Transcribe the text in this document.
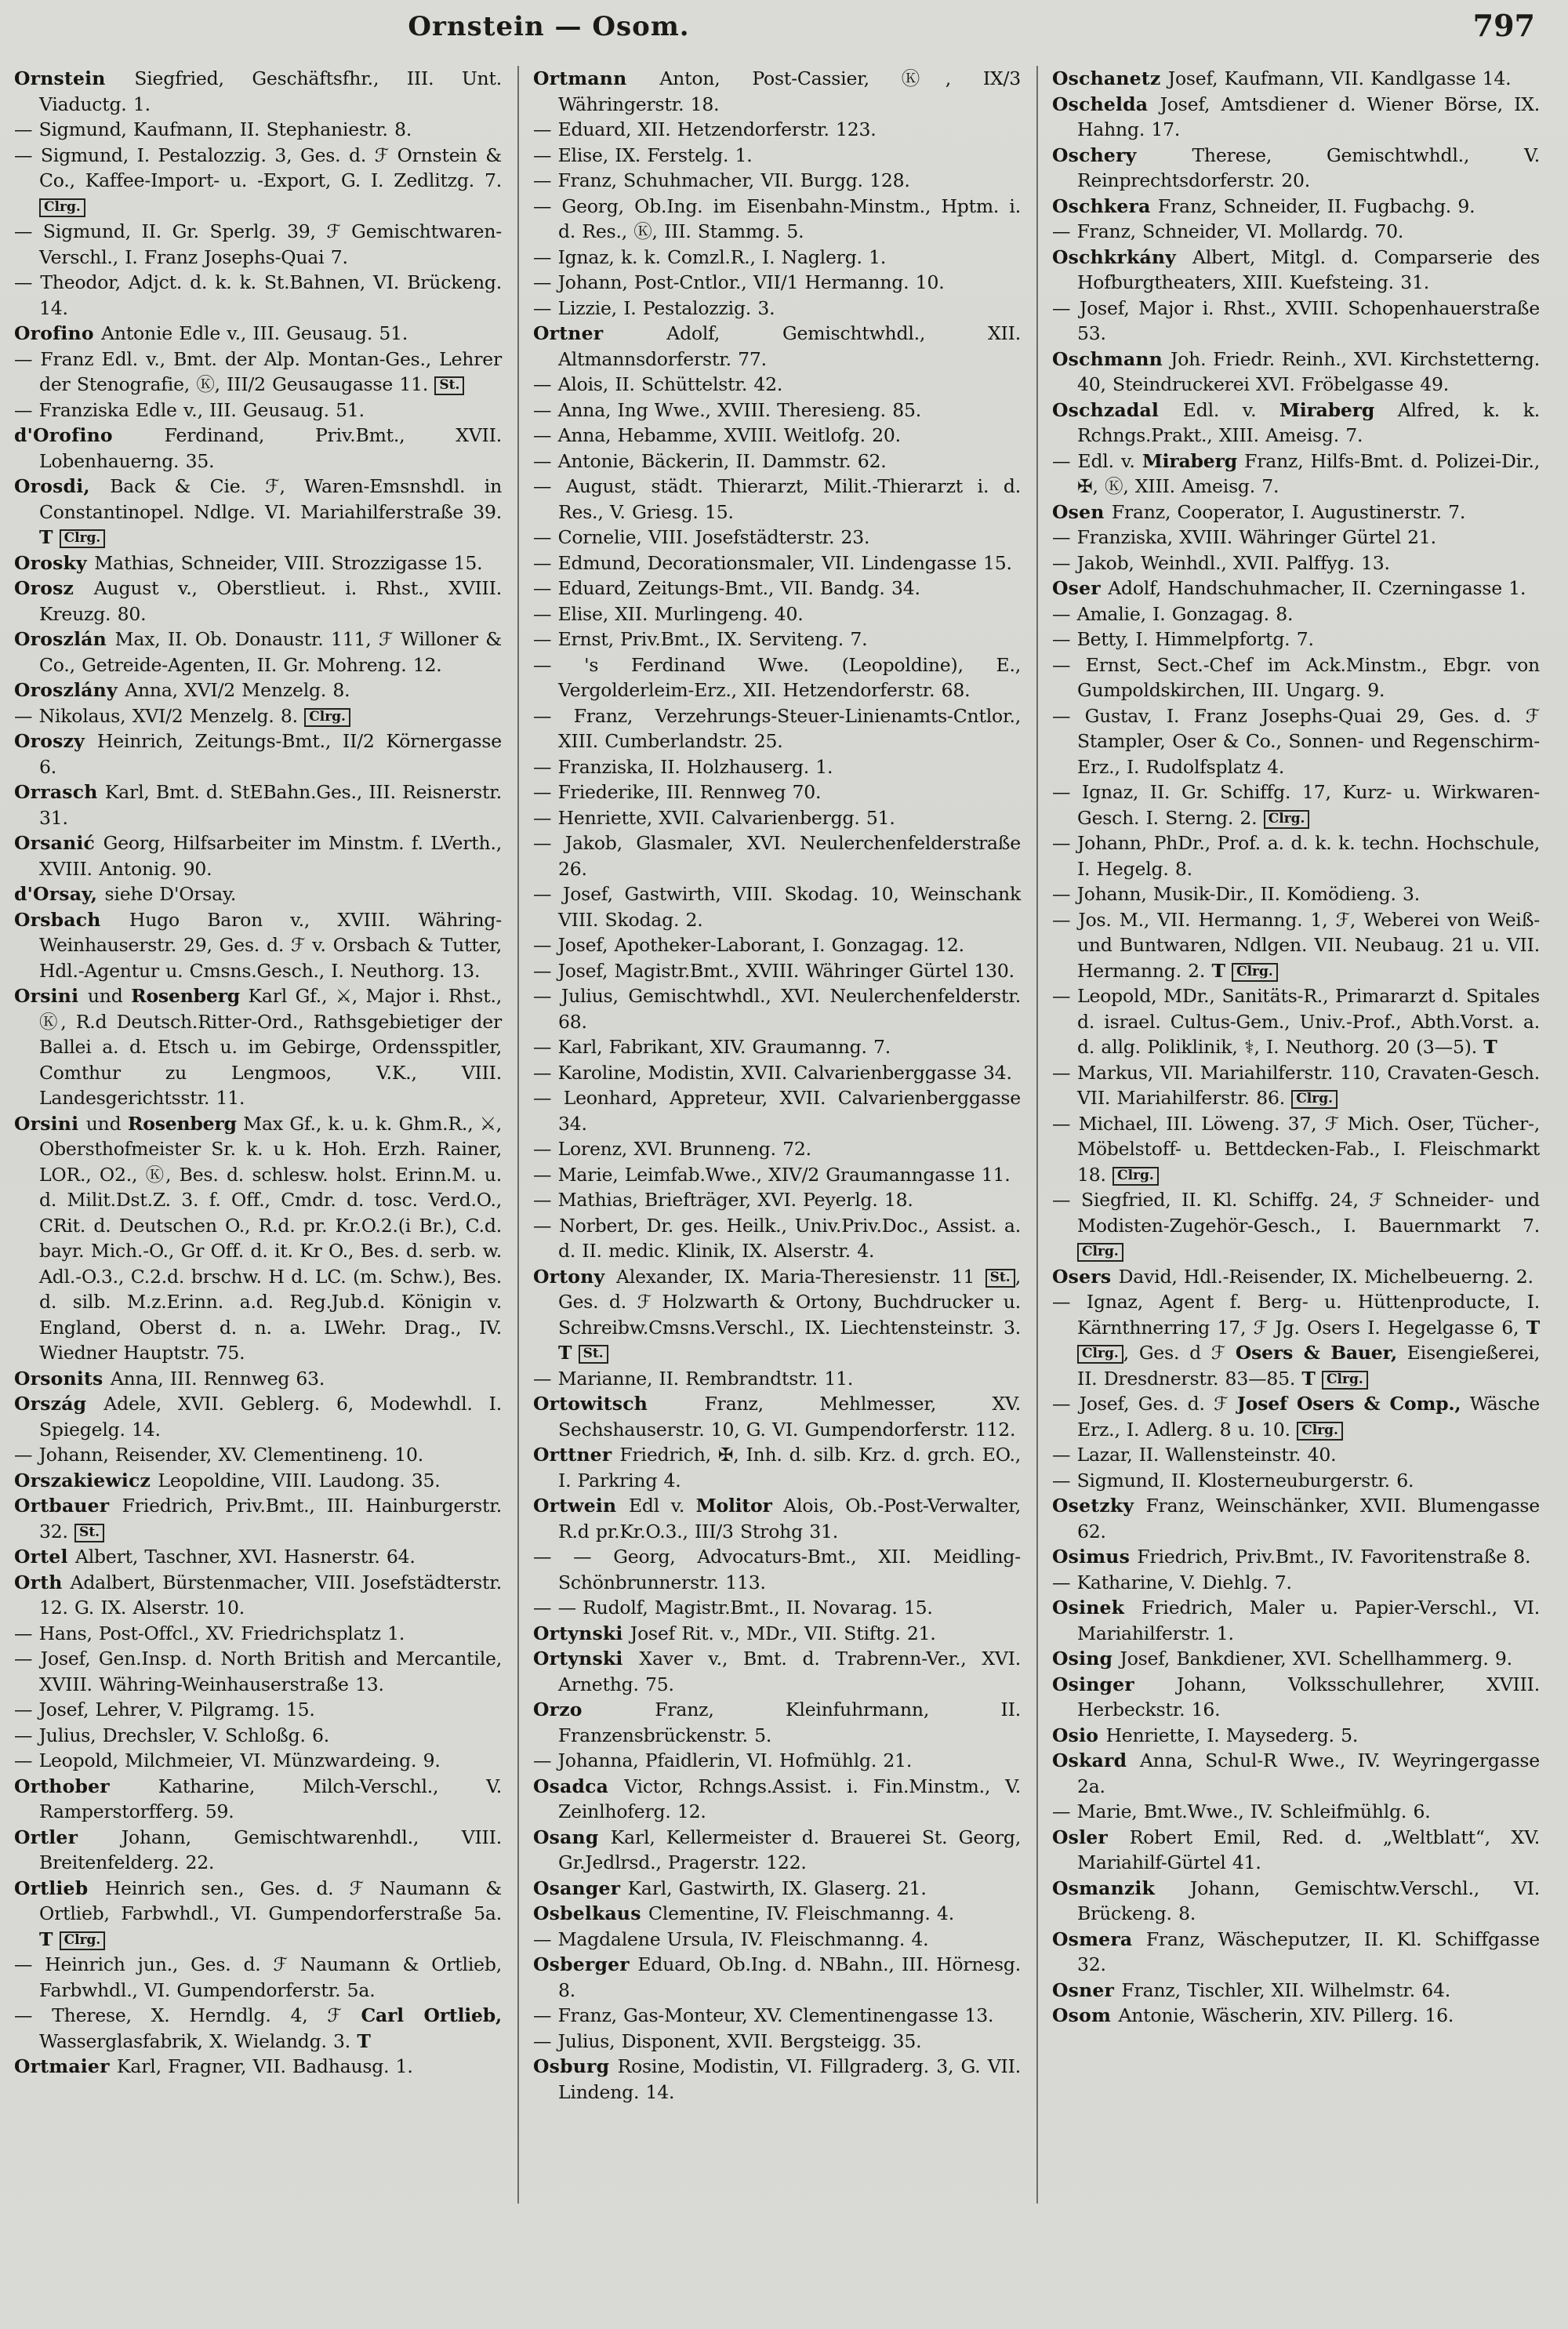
Ornstein — Osom.	797
Ornstein Siegfried, Geschäftsfhr., III. Unt. Viaductg. 1.
— Sigmund, Kaufmann, II. Stephaniestr. 8.
— Sigmund, I. Pestalozzig. 3, Ges. d. ℱ Ornstein & Co., Kaffee-Import- u. -Export, G. I. Zedlitzg. 7. Clrg.
— Sigmund, II. Gr. Sperlg. 39, ℱ Gemischtwaren-Verschl., I. Franz Josephs-Quai 7.
— Theodor, Adjct. d. k. k. St.Bahnen, VI. Brückeng. 14.
Orofino Antonie Edle v., III. Geusaug. 51.
— Franz Edl. v., Bmt. der Alp. Montan-Ges., Lehrer der Stenografie, Ⓚ, III/2 Geusaugasse 11. St.
— Franziska Edle v., III. Geusaug. 51.
d'Orofino Ferdinand, Priv.Bmt., XVII. Lobenhauerng. 35.
Orosdi, Back & Cie. ℱ, Waren-Emsnshdl. in Constantinopel. Ndlge. VI. Mariahilferstraße 39. T Clrg.
Orosky Mathias, Schneider, VIII. Strozzigasse 15.
Orosz August v., Oberstlieut. i. Rhst., XVIII. Kreuzg. 80.
Oroszlán Max, II. Ob. Donaustr. 111, ℱ Willoner & Co., Getreide-Agenten, II. Gr. Mohreng. 12.
Oroszlány Anna, XVI/2 Menzelg. 8.
— Nikolaus, XVI/2 Menzelg. 8. Clrg.
Oroszy Heinrich, Zeitungs-Bmt., II/2 Körnergasse 6.
Orrasch Karl, Bmt. d. StEBahn.Ges., III. Reisnerstr. 31.
Orsanić Georg, Hilfsarbeiter im Minstm. f. LVerth., XVIII. Antonig. 90.
d'Orsay, siehe D'Orsay.
Orsbach Hugo Baron v., XVIII. Währing-Weinhauserstr. 29, Ges. d. ℱ v. Orsbach & Tutter, Hdl.-Agentur u. Cmsns.Gesch., I. Neuthorg. 13.
Orsini und Rosenberg Karl Gf., ⚔, Major i. Rhst., Ⓚ, R.d Deutsch.Ritter-Ord., Rathsgebietiger der Ballei a. d. Etsch u. im Gebirge, Ordensspitler, Comthur zu Lengmoos, V.K., VIII. Landesgerichtsstr. 11.
Orsini und Rosenberg Max Gf., k. u. k. Ghm.R., ⚔, Obersthofmeister Sr. k. u k. Hoh. Erzh. Rainer, LOR., O2., Ⓚ, Bes. d. schlesw. holst. Erinn.M. u. d. Milit.Dst.Z. 3. f. Off., Cmdr. d. tosc. Verd.O., CRit. d. Deutschen O., R.d. pr. Kr.O.2.(i Br.), C.d. bayr. Mich.-O., Gr Off. d. it. Kr O., Bes. d. serb. w. Adl.-O.3., C.2.d. brschw. H d. LC. (m. Schw.), Bes. d. silb. M.z.Erinn. a.d. Reg.Jub.d. Königin v. England, Oberst d. n. a. LWehr. Drag., IV. Wiedner Hauptstr. 75.
Orsonits Anna, III. Rennweg 63.
Ország Adele, XVII. Geblerg. 6, Modewhdl. I. Spiegelg. 14.
— Johann, Reisender, XV. Clementineng. 10.
Orszakiewicz Leopoldine, VIII. Laudong. 35.
Ortbauer Friedrich, Priv.Bmt., III. Hainburgerstr. 32. St.
Ortel Albert, Taschner, XVI. Hasnerstr. 64.
Orth Adalbert, Bürstenmacher, VIII. Josefstädterstr. 12. G. IX. Alserstr. 10.
— Hans, Post-Offcl., XV. Friedrichsplatz 1.
— Josef, Gen.Insp. d. North British and Mercantile, XVIII. Währing-Weinhauserstraße 13.
— Josef, Lehrer, V. Pilgramg. 15.
— Julius, Drechsler, V. Schloßg. 6.
— Leopold, Milchmeier, VI. Münzwardeing. 9.
Orthober Katharine, Milch-Verschl., V. Ramperstorfferg. 59.
Ortler Johann, Gemischtwarenhdl., VIII. Breitenfelderg. 22.
Ortlieb Heinrich sen., Ges. d. ℱ Naumann & Ortlieb, Farbwhdl., VI. Gumpendorferstraße 5a. T Clrg.
— Heinrich jun., Ges. d. ℱ Naumann & Ortlieb, Farbwhdl., VI. Gumpendorferstr. 5a.
— Therese, X. Herndlg. 4, ℱ Carl Ortlieb, Wasserglasfabrik, X. Wielandg. 3. T
Ortmaier Karl, Fragner, VII. Badhausg. 1.
Ortmann Anton, Post-Cassier, Ⓚ, IX/3 Währingerstr. 18.
— Eduard, XII. Hetzendorferstr. 123.
— Elise, IX. Ferstelg. 1.
— Franz, Schuhmacher, VII. Burgg. 128.
— Georg, Ob.Ing. im Eisenbahn-Minstm., Hptm. i. d. Res., Ⓚ, III. Stammg. 5.
— Ignaz, k. k. Comzl.R., I. Naglerg. 1.
— Johann, Post-Cntlor., VII/1 Hermanng. 10.
— Lizzie, I. Pestalozzig. 3.
Ortner Adolf, Gemischtwhdl., XII. Altmannsdorferstr. 77.
— Alois, II. Schüttelstr. 42.
— Anna, Ing Wwe., XVIII. Theresieng. 85.
— Anna, Hebamme, XVIII. Weitlofg. 20.
— Antonie, Bäckerin, II. Dammstr. 62.
— August, städt. Thierarzt, Milit.-Thierarzt i. d. Res., V. Griesg. 15.
— Cornelie, VIII. Josefstädterstr. 23.
— Edmund, Decorationsmaler, VII. Lindengasse 15.
— Eduard, Zeitungs-Bmt., VII. Bandg. 34.
— Elise, XII. Murlingeng. 40.
— Ernst, Priv.Bmt., IX. Serviteng. 7.
— 's Ferdinand Wwe. (Leopoldine), E., Vergolderleim-Erz., XII. Hetzendorferstr. 68.
— Franz, Verzehrungs-Steuer-Linienamts-Cntlor., XIII. Cumberlandstr. 25.
— Franziska, II. Holzhauserg. 1.
— Friederike, III. Rennweg 70.
— Henriette, XVII. Calvarienbergg. 51.
— Jakob, Glasmaler, XVI. Neulerchenfelderstraße 26.
— Josef, Gastwirth, VIII. Skodag. 10, Weinschank VIII. Skodag. 2.
— Josef, Apotheker-Laborant, I. Gonzagag. 12.
— Josef, Magistr.Bmt., XVIII. Währinger Gürtel 130.
— Julius, Gemischtwhdl., XVI. Neulerchenfelderstr. 68.
— Karl, Fabrikant, XIV. Graumanng. 7.
— Karoline, Modistin, XVII. Calvarienberggasse 34.
— Leonhard, Appreteur, XVII. Calvarienberggasse 34.
— Lorenz, XVI. Brunneng. 72.
— Marie, Leimfab.Wwe., XIV/2 Graumanngasse 11.
— Mathias, Briefträger, XVI. Peyerlg. 18.
— Norbert, Dr. ges. Heilk., Univ.Priv.Doc., Assist. a. d. II. medic. Klinik, IX. Alserstr. 4.
Ortony Alexander, IX. Maria-Theresienstr. 11 St. , Ges. d. ℱ Holzwarth & Ortony, Buchdrucker u. Schreibw.Cmsns.Verschl., IX. Liechtensteinstr. 3. T St.
— Marianne, II. Rembrandtstr. 11.
Ortowitsch Franz, Mehlmesser, XV. Sechshauserstr. 10, G. VI. Gumpendorferstr. 112.
Orttner Friedrich, ✠, Inh. d. silb. Krz. d. grch. EO., I. Parkring 4.
Ortwein Edl v. Molitor Alois, Ob.-Post-Verwalter, R.d pr.Kr.O.3., III/3 Strohg 31.
— — Georg, Advocaturs-Bmt., XII. Meidling-Schönbrunnerstr. 113.
— — Rudolf, Magistr.Bmt., II. Novarag. 15.
Ortynski Josef Rit. v., MDr., VII. Stiftg. 21.
Ortynski Xaver v., Bmt. d. Trabrenn-Ver., XVI. Arnethg. 75.
Orzo Franz, Kleinfuhrmann, II. Franzensbrückenstr. 5.
— Johanna, Pfaidlerin, VI. Hofmühlg. 21.
Osadca Victor, Rchngs.Assist. i. Fin.Minstm., V. Zeinlhoferg. 12.
Osang Karl, Kellermeister d. Brauerei St. Georg, Gr.Jedlrsd., Pragerstr. 122.
Osanger Karl, Gastwirth, IX. Glaserg. 21.
Osbelkaus Clementine, IV. Fleischmanng. 4.
— Magdalene Ursula, IV. Fleischmanng. 4.
Osberger Eduard, Ob.Ing. d. NBahn., III. Hörnesg. 8.
— Franz, Gas-Monteur, XV. Clementinengasse 13.
— Julius, Disponent, XVII. Bergsteigg. 35.
Osburg Rosine, Modistin, VI. Fillgraderg. 3, G. VII. Lindeng. 14.
Oschanetz Josef, Kaufmann, VII. Kandlgasse 14.
Oschelda Josef, Amtsdiener d. Wiener Börse, IX. Hahng. 17.
Oschery Therese, Gemischtwhdl., V. Reinprechtsdorferstr. 20.
Oschkera Franz, Schneider, II. Fugbachg. 9.
— Franz, Schneider, VI. Mollardg. 70.
Oschkrkány Albert, Mitgl. d. Comparserie des Hofburgtheaters, XIII. Kuefsteing. 31.
— Josef, Major i. Rhst., XVIII. Schopenhauerstraße 53.
Oschmann Joh. Friedr. Reinh., XVI. Kirchstetterng. 40, Steindruckerei XVI. Fröbelgasse 49.
Oschzadal Edl. v. Miraberg Alfred, k. k. Rchngs.Prakt., XIII. Ameisg. 7.
— Edl. v. Miraberg Franz, Hilfs-Bmt. d. Polizei-Dir., ✠, Ⓚ, XIII. Ameisg. 7.
Osen Franz, Cooperator, I. Augustinerstr. 7.
— Franziska, XVIII. Währinger Gürtel 21.
— Jakob, Weinhdl., XVII. Palffyg. 13.
Oser Adolf, Handschuhmacher, II. Czerningasse 1.
— Amalie, I. Gonzagag. 8.
— Betty, I. Himmelpfortg. 7.
— Ernst, Sect.-Chef im Ack.Minstm., Ebgr. von Gumpoldskirchen, III. Ungarg. 9.
— Gustav, I. Franz Josephs-Quai 29, Ges. d. ℱ Stampler, Oser & Co., Sonnen- und Regenschirm-Erz., I. Rudolfsplatz 4.
— Ignaz, II. Gr. Schiffg. 17, Kurz- u. Wirkwaren-Gesch. I. Sterng. 2. Clrg.
— Johann, PhDr., Prof. a. d. k. k. techn. Hochschule, I. Hegelg. 8.
— Johann, Musik-Dir., II. Komödieng. 3.
— Jos. M., VII. Hermanng. 1, ℱ, Weberei von Weiß- und Buntwaren, Ndlgen. VII. Neubaug. 21 u. VII. Hermanng. 2. T Clrg.
— Leopold, MDr., Sanitäts-R., Primararzt d. Spitales d. israel. Cultus-Gem., Univ.-Prof., Abth.Vorst. a. d. allg. Poliklinik, ⚕, I. Neuthorg. 20 (3—5). T
— Markus, VII. Mariahilferstr. 110, Cravaten-Gesch. VII. Mariahilferstr. 86. Clrg.
— Michael, III. Löweng. 37, ℱ Mich. Oser, Tücher-, Möbelstoff- u. Bettdecken-Fab., I. Fleischmarkt 18. Clrg.
— Siegfried, II. Kl. Schiffg. 24, ℱ Schneider- und Modisten-Zugehör-Gesch., I. Bauernmarkt 7. Clrg.
Osers David, Hdl.-Reisender, IX. Michelbeuerng. 2.
— Ignaz, Agent f. Berg- u. Hüttenproducte, I. Kärnthnerring 17, ℱ Jg. Osers I. Hegelgasse 6, T Clrg. , Ges. d ℱ Osers & Bauer, Eisengießerei, II. Dresdnerstr. 83—85. T Clrg.
— Josef, Ges. d. ℱ Josef Osers & Comp., Wäsche Erz., I. Adlerg. 8 u. 10. Clrg.
— Lazar, II. Wallensteinstr. 40.
— Sigmund, II. Klosterneuburgerstr. 6.
Osetzky Franz, Weinschänker, XVII. Blumengasse 62.
Osimus Friedrich, Priv.Bmt., IV. Favoritenstraße 8.
— Katharine, V. Diehlg. 7.
Osinek Friedrich, Maler u. Papier-Verschl., VI. Mariahilferstr. 1.
Osing Josef, Bankdiener, XVI. Schellhammerg. 9.
Osinger Johann, Volksschullehrer, XVIII. Herbeckstr. 16.
Osio Henriette, I. Maysederg. 5.
Oskard Anna, Schul-R Wwe., IV. Weyringergasse 2a.
— Marie, Bmt.Wwe., IV. Schleifmühlg. 6.
Osler Robert Emil, Red. d. „Weltblatt“, XV. Mariahilf-Gürtel 41.
Osmanzik Johann, Gemischtw.Verschl., VI. Brückeng. 8.
Osmera Franz, Wäscheputzer, II. Kl. Schiffgasse 32.
Osner Franz, Tischler, XII. Wilhelmstr. 64.
Osom Antonie, Wäscherin, XIV. Pillerg. 16.
